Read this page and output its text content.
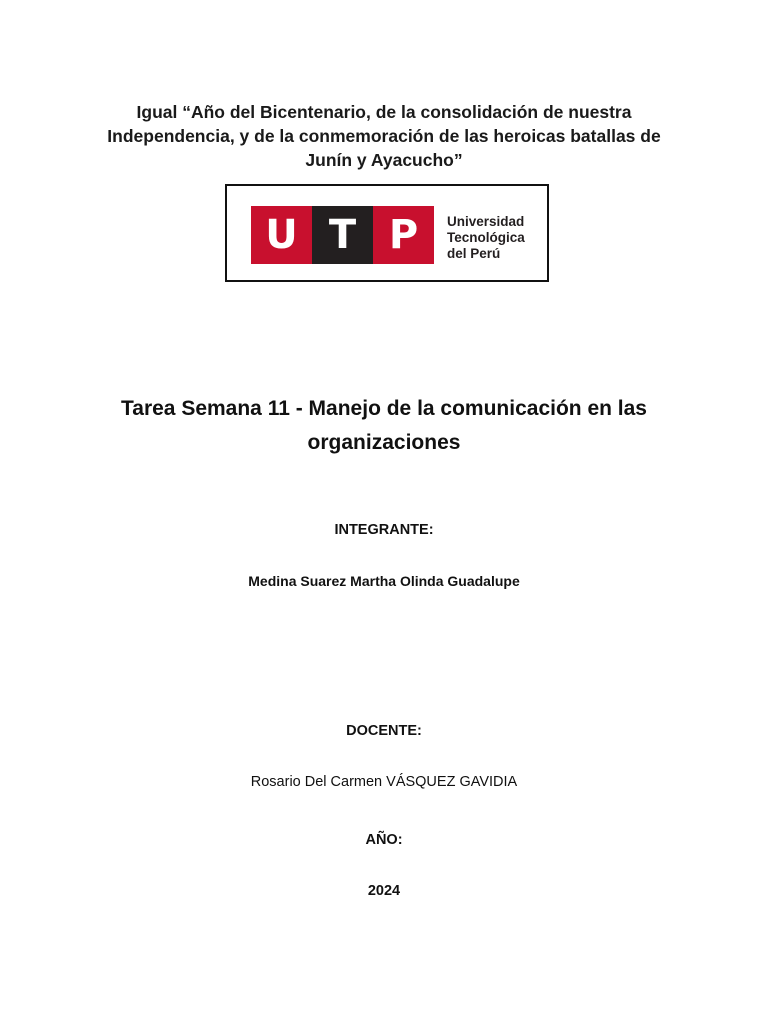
Igual “Año del Bicentenario, de la consolidación de nuestra
Independencia, y de la conmemoración de las heroicas batallas de
Junín y Ayacucho”
U T P	Universidad
Tecnológica
del Perú
Tarea Semana 11 - Manejo de la comunicación en las
organizaciones
INTEGRANTE:
Medina Suarez Martha Olinda Guadalupe
DOCENTE:
Rosario Del Carmen VÁSQUEZ GAVIDIA
AÑO:
2024
